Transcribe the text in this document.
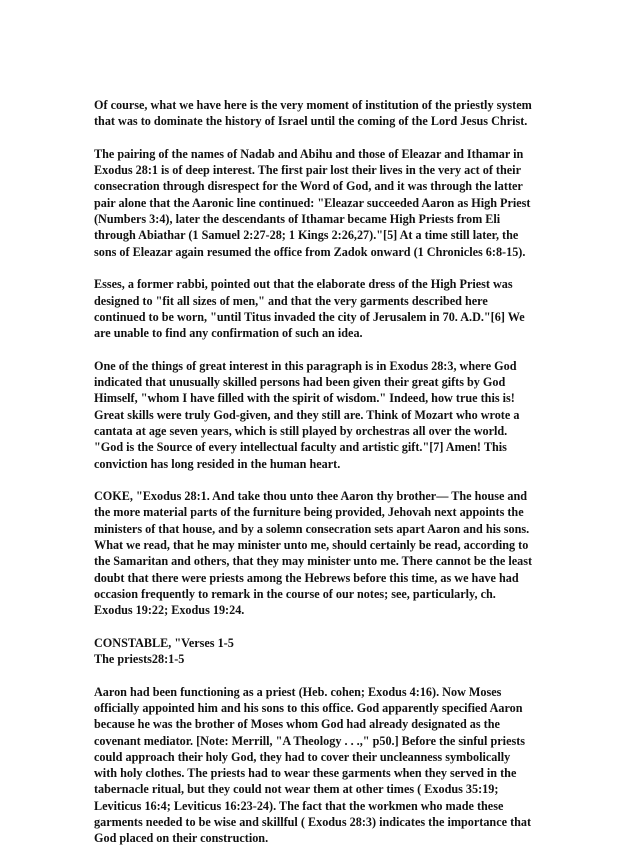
Of course, what we have here is the very moment of institution of the priestly system
that was to dominate the history of Israel until the coming of the Lord Jesus Christ.

The pairing of the names of Nadab and Abihu and those of Eleazar and Ithamar in
Exodus 28:1 is of deep interest. The first pair lost their lives in the very act of their
consecration through disrespect for the Word of God, and it was through the latter
pair alone that the Aaronic line continued: "Eleazar succeeded Aaron as High Priest
(Numbers 3:4), later the descendants of Ithamar became High Priests from Eli
through Abiathar (1 Samuel 2:27-28; 1 Kings 2:26,27)."[5] At a time still later, the
sons of Eleazar again resumed the office from Zadok onward (1 Chronicles 6:8-15).

Esses, a former rabbi, pointed out that the elaborate dress of the High Priest was
designed to "fit all sizes of men," and that the very garments described here
continued to be worn, "until Titus invaded the city of Jerusalem in 70. A.D."[6] We
are unable to find any confirmation of such an idea.

One of the things of great interest in this paragraph is in Exodus 28:3, where God
indicated that unusually skilled persons had been given their great gifts by God
Himself, "whom I have filled with the spirit of wisdom." Indeed, how true this is!
Great skills were truly God-given, and they still are. Think of Mozart who wrote a
cantata at age seven years, which is still played by orchestras all over the world.
"God is the Source of every intellectual faculty and artistic gift."[7] Amen! This
conviction has long resided in the human heart.

COKE, "Exodus 28:1. And take thou unto thee Aaron thy brother— The house and
the more material parts of the furniture being provided, Jehovah next appoints the
ministers of that house, and by a solemn consecration sets apart Aaron and his sons.
What we read, that he may minister unto me, should certainly be read, according to
the Samaritan and others, that they may minister unto me. There cannot be the least
doubt that there were priests among the Hebrews before this time, as we have had
occasion frequently to remark in the course of our notes; see, particularly, ch.
Exodus 19:22; Exodus 19:24.

CONSTABLE, "Verses 1-5
The priests28:1-5

Aaron had been functioning as a priest (Heb. cohen; Exodus 4:16). Now Moses
officially appointed him and his sons to this office. God apparently specified Aaron
because he was the brother of Moses whom God had already designated as the
covenant mediator. [Note: Merrill, "A Theology . . .," p50.] Before the sinful priests
could approach their holy God, they had to cover their uncleanness symbolically
with holy clothes. The priests had to wear these garments when they served in the
tabernacle ritual, but they could not wear them at other times ( Exodus 35:19;
Leviticus 16:4; Leviticus 16:23-24). The fact that the workmen who made these
garments needed to be wise and skillful ( Exodus 28:3) indicates the importance that
God placed on their construction.
